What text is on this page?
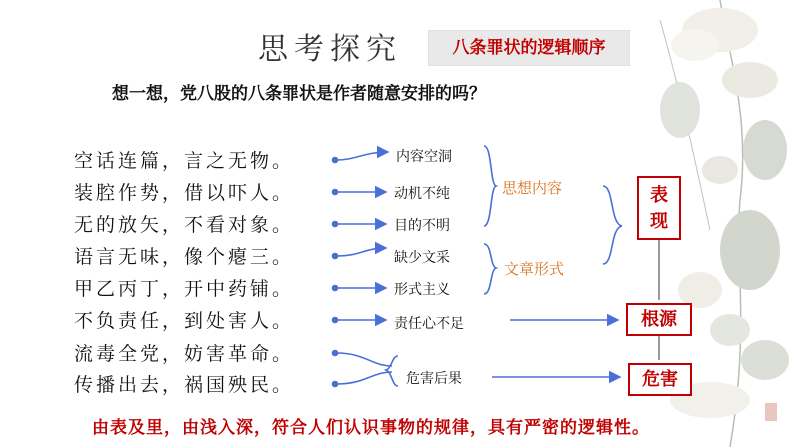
思考探究	八条罪状的逻辑顺序
想一想，党八股的八条罪状是作者随意安排的吗？
空话连篇，言之无物。
装腔作势，借以吓人。
无的放矢，不看对象。
语言无味，像个瘪三。
甲乙丙丁，开中药铺。
不负责任，到处害人。
流毒全党，妨害革命。
传播出去，祸国殃民。
内容空洞
动机不纯
目的不明
缺少文采
形式主义
责任心不足
危害后果
思想内容
文章形式
表
现
根源
危害
由表及里，由浅入深，符合人们认识事物的规律，具有严密的逻辑性。
